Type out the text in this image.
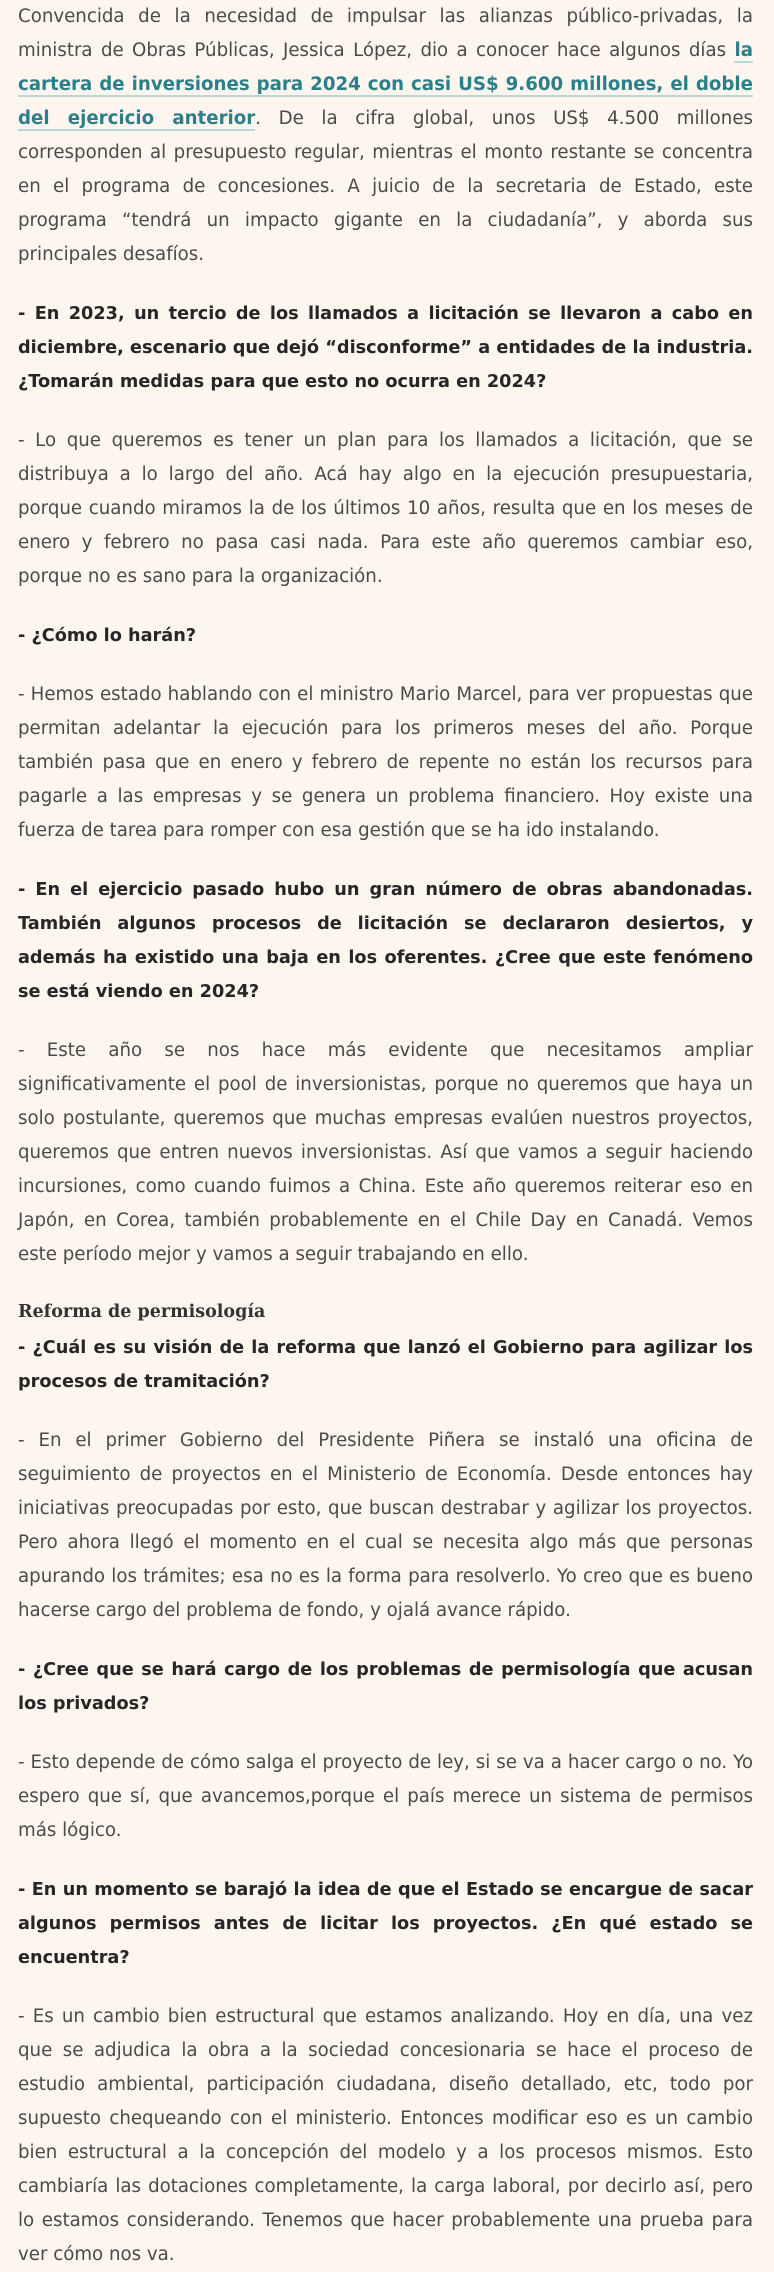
Convencida de la necesidad de impulsar las alianzas público-privadas, la ministra de Obras Públicas, Jessica López, dio a conocer hace algunos días la cartera de inversiones para 2024 con casi US$ 9.600 millones, el doble del ejercicio anterior. De la cifra global, unos US$ 4.500 millones corresponden al presupuesto regular, mientras el monto restante se concentra en el programa de concesiones. A juicio de la secretaria de Estado, este programa “tendrá un impacto gigante en la ciudadanía”, y aborda sus principales desafíos.

- En 2023, un tercio de los llamados a licitación se llevaron a cabo en diciembre, escenario que dejó “disconforme” a entidades de la industria. ¿Tomarán medidas para que esto no ocurra en 2024?

- Lo que queremos es tener un plan para los llamados a licitación, que se distribuya a lo largo del año. Acá hay algo en la ejecución presupuestaria, porque cuando miramos la de los últimos 10 años, resulta que en los meses de enero y febrero no pasa casi nada. Para este año queremos cambiar eso, porque no es sano para la organización.

- ¿Cómo lo harán?

- Hemos estado hablando con el ministro Mario Marcel, para ver propuestas que permitan adelantar la ejecución para los primeros meses del año. Porque también pasa que en enero y febrero de repente no están los recursos para pagarle a las empresas y se genera un problema financiero. Hoy existe una fuerza de tarea para romper con esa gestión que se ha ido instalando.

- En el ejercicio pasado hubo un gran número de obras abandonadas. También algunos procesos de licitación se declararon desiertos, y además ha existido una baja en los oferentes. ¿Cree que este fenómeno se está viendo en 2024?

- Este año se nos hace más evidente que necesitamos ampliar significativamente el pool de inversionistas, porque no queremos que haya un solo postulante, queremos que muchas empresas evalúen nuestros proyectos, queremos que entren nuevos inversionistas. Así que vamos a seguir haciendo incursiones, como cuando fuimos a China. Este año queremos reiterar eso en Japón, en Corea, también probablemente en el Chile Day en Canadá. Vemos este período mejor y vamos a seguir trabajando en ello.

Reforma de permisología

- ¿Cuál es su visión de la reforma que lanzó el Gobierno para agilizar los procesos de tramitación?

- En el primer Gobierno del Presidente Piñera se instaló una oficina de seguimiento de proyectos en el Ministerio de Economía. Desde entonces hay iniciativas preocupadas por esto, que buscan destrabar y agilizar los proyectos. Pero ahora llegó el momento en el cual se necesita algo más que personas apurando los trámites; esa no es la forma para resolverlo. Yo creo que es bueno hacerse cargo del problema de fondo, y ojalá avance rápido.

- ¿Cree que se hará cargo de los problemas de permisología que acusan los privados?

- Esto depende de cómo salga el proyecto de ley, si se va a hacer cargo o no. Yo espero que sí, que avancemos,porque el país merece un sistema de permisos más lógico.

- En un momento se barajó la idea de que el Estado se encargue de sacar algunos permisos antes de licitar los proyectos. ¿En qué estado se encuentra?

- Es un cambio bien estructural que estamos analizando. Hoy en día, una vez que se adjudica la obra a la sociedad concesionaria se hace el proceso de estudio ambiental, participación ciudadana, diseño detallado, etc, todo por supuesto chequeando con el ministerio. Entonces modificar eso es un cambio bien estructural a la concepción del modelo y a los procesos mismos. Esto cambiaría las dotaciones completamente, la carga laboral, por decirlo así, pero lo estamos considerando. Tenemos que hacer probablemente una prueba para ver cómo nos va.
